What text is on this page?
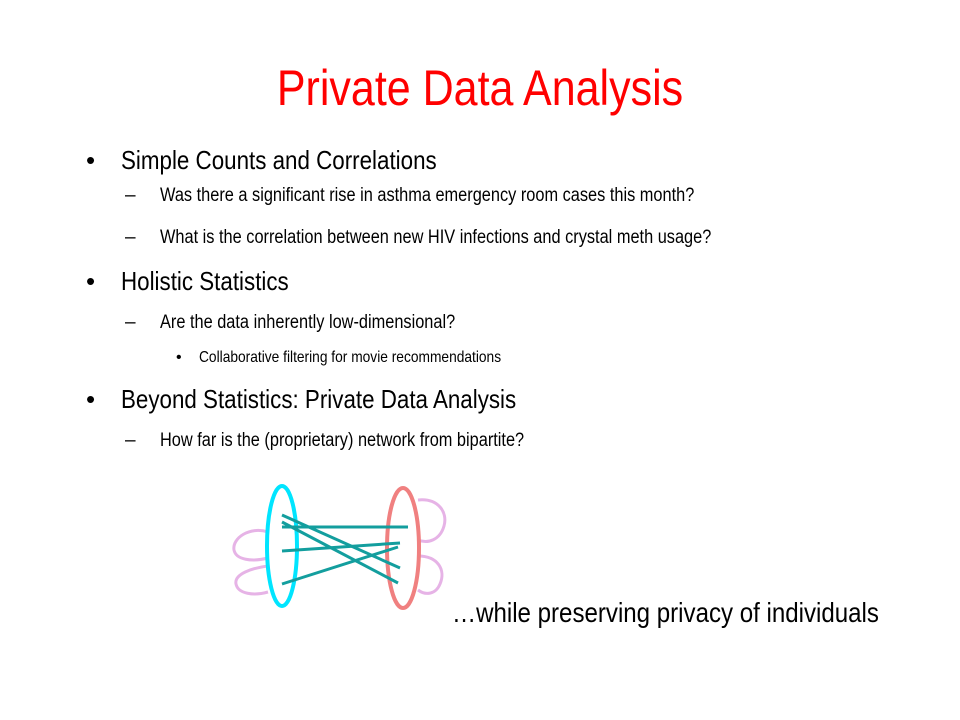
Private Data Analysis
• Simple Counts and Correlations
– Was there a significant rise in asthma emergency room cases this month?
– What is the correlation between new HIV infections and crystal meth usage?
• Holistic Statistics
– Are the data inherently low-dimensional?
• Collaborative filtering for movie recommendations
• Beyond Statistics: Private Data Analysis
– How far is the (proprietary) network from bipartite?
…while preserving privacy of individuals
